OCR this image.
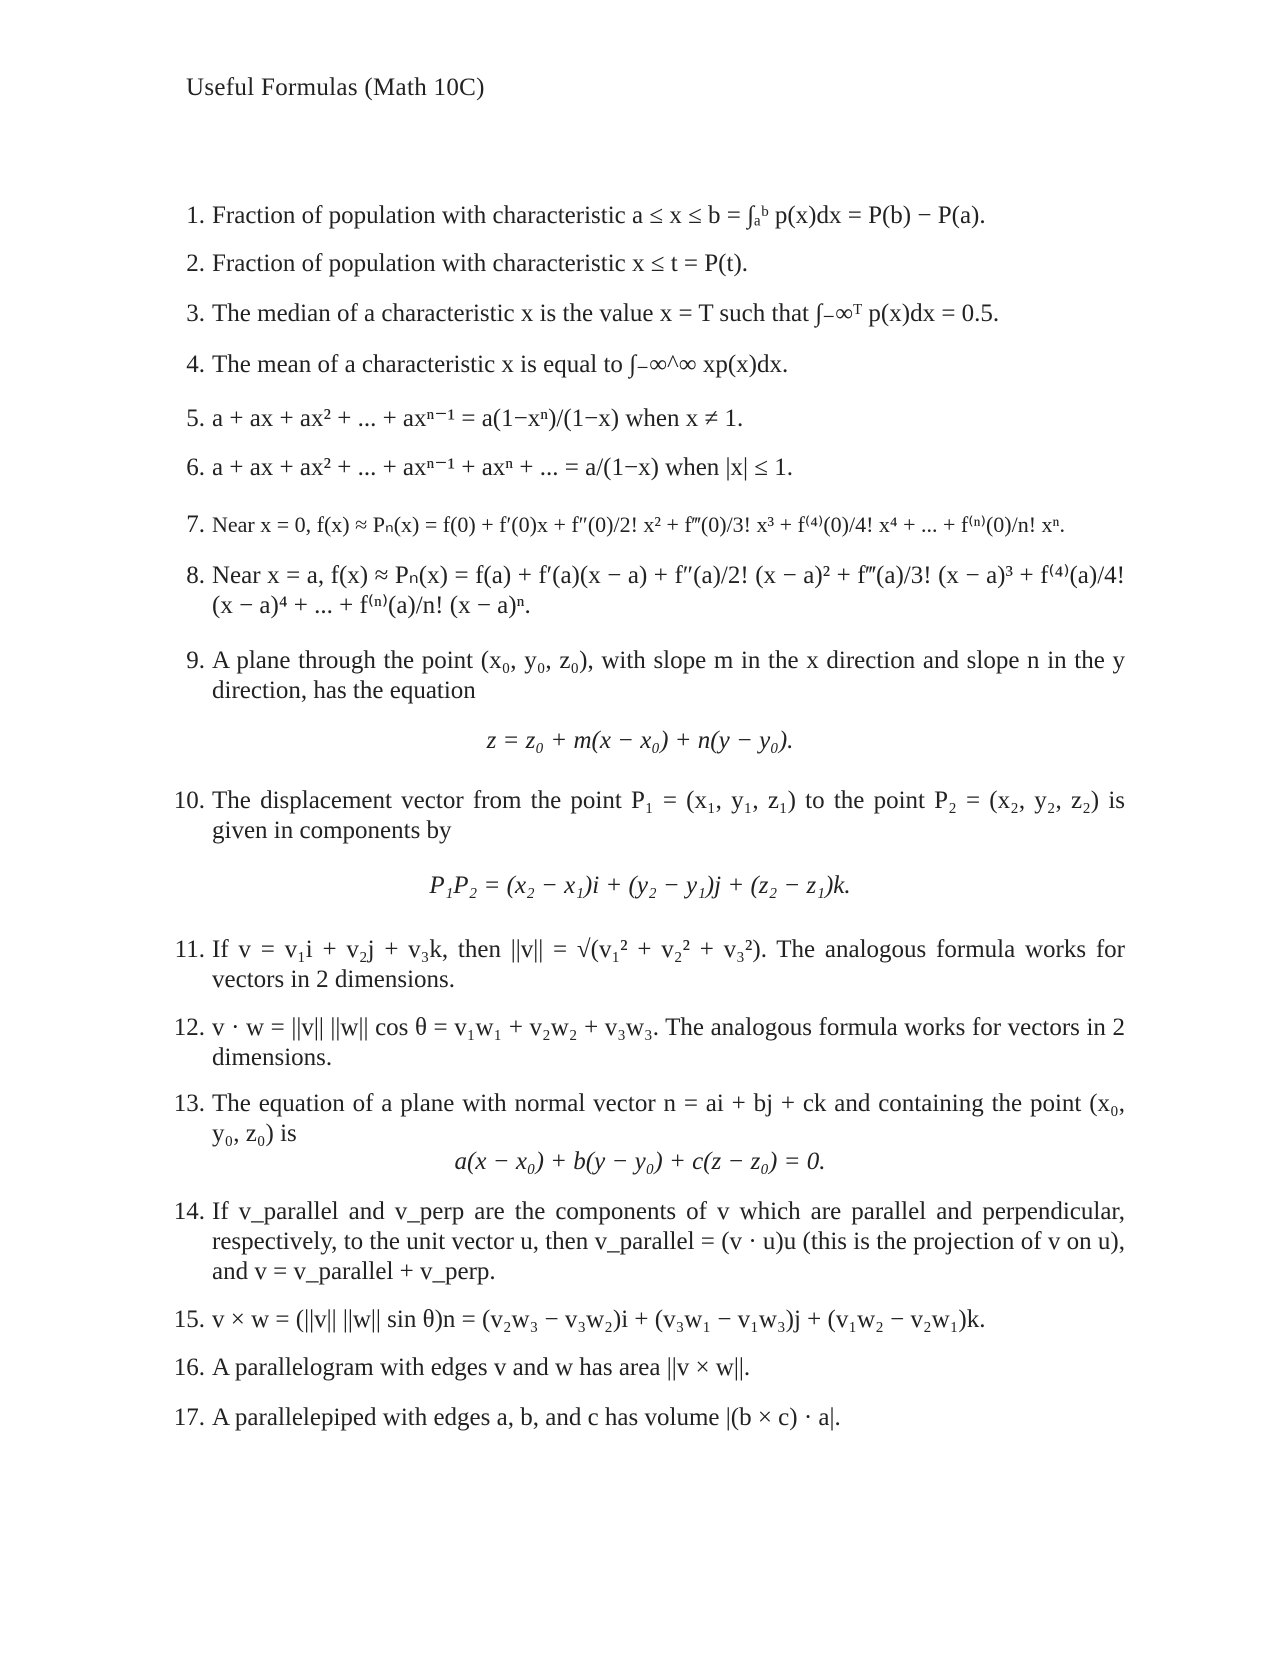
Useful Formulas (Math 10C)
1. Fraction of population with characteristic a ≤ x ≤ b = ∫ₐᵇ p(x)dx = P(b) − P(a).
2. Fraction of population with characteristic x ≤ t = P(t).
3. The median of a characteristic x is the value x = T such that ∫₋∞ᵀ p(x)dx = 0.5.
4. The mean of a characteristic x is equal to ∫₋∞^∞ xp(x)dx.
5. a + ax + ax² + ... + axⁿ⁻¹ = a(1−xⁿ)/(1−x) when x ≠ 1.
6. a + ax + ax² + ... + axⁿ⁻¹ + axⁿ + ... = a/(1−x) when |x| ≤ 1.
7. Near x = 0, f(x) ≈ Pₙ(x) = f(0) + f′(0)x + f″(0)/2! x² + f‴(0)/3! x³ + f⁽⁴⁾(0)/4! x⁴ + ... + f⁽ⁿ⁾(0)/n! xⁿ.
8. Near x = a, f(x) ≈ Pₙ(x) = f(a) + f′(a)(x − a) + f″(a)/2! (x − a)² + f‴(a)/3! (x − a)³ + f⁽⁴⁾(a)/4! (x − a)⁴ + ... + f⁽ⁿ⁾(a)/n! (x − a)ⁿ.
9. A plane through the point (x₀, y₀, z₀), with slope m in the x direction and slope n in the y direction, has the equation
z = z₀ + m(x − x₀) + n(y − y₀).
10. The displacement vector from the point P₁ = (x₁, y₁, z₁) to the point P₂ = (x₂, y₂, z₂) is given in components by
P₁P₂ = (x₂ − x₁)i + (y₂ − y₁)j + (z₂ − z₁)k.
11. If v = v₁i + v₂j + v₃k, then ||v|| = √(v₁² + v₂² + v₃²). The analogous formula works for vectors in 2 dimensions.
12. v · w = ||v|| ||w|| cos θ = v₁w₁ + v₂w₂ + v₃w₃. The analogous formula works for vectors in 2 dimensions.
13. The equation of a plane with normal vector n = ai + bj + ck and containing the point (x₀, y₀, z₀) is
a(x − x₀) + b(y − y₀) + c(z − z₀) = 0.
14. If v_parallel and v_perp are the components of v which are parallel and perpendicular, respectively, to the unit vector u, then v_parallel = (v · u)u (this is the projection of v on u), and v = v_parallel + v_perp.
15. v × w = (||v|| ||w|| sin θ)n = (v₂w₃ − v₃w₂)i + (v₃w₁ − v₁w₃)j + (v₁w₂ − v₂w₁)k.
16. A parallelogram with edges v and w has area ||v × w||.
17. A parallelepiped with edges a, b, and c has volume |(b × c) · a|.
